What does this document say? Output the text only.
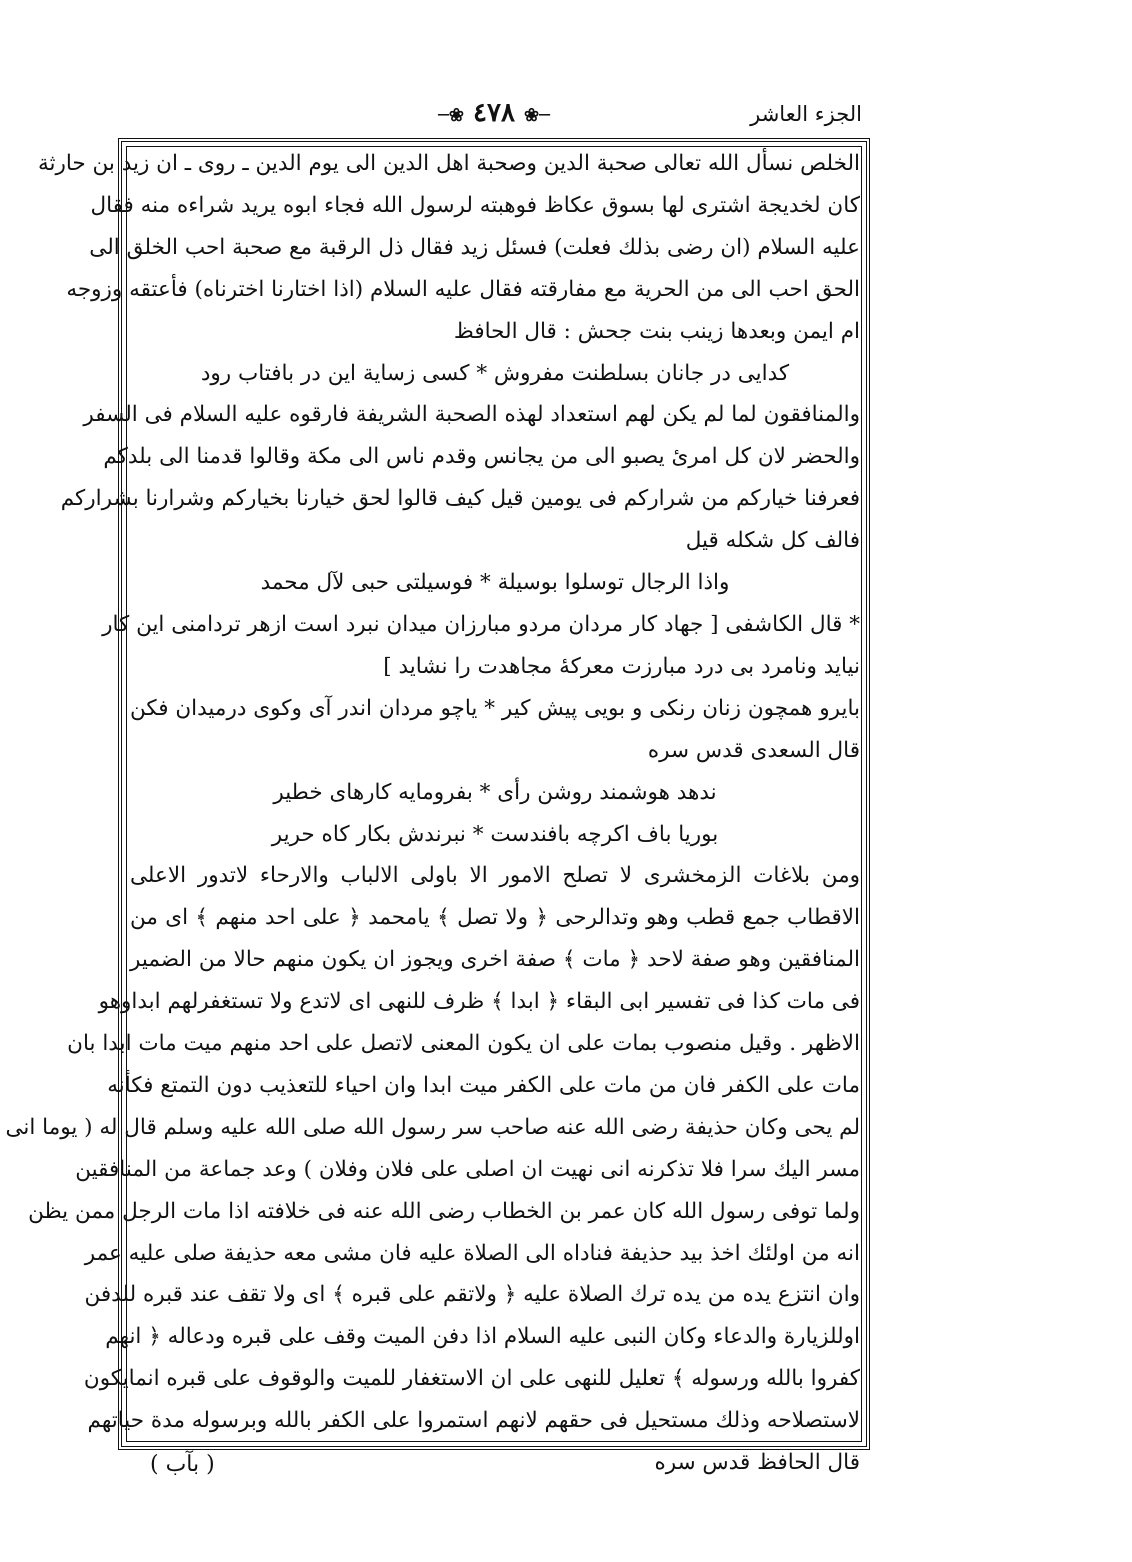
الجزء العاشر
─❀ ٤٧٨ ❀─
الخلص نسأل الله تعالى صحبة الدين وصحبة اهل الدين الى يوم الدين ـ روى ـ ان زيد بن حارثة
كان لخديجة اشترى لها بسوق عكاظ فوهبته لرسول الله فجاء ابوه يريد شراءه منه فقال
عليه السلام (ان رضى بذلك فعلت) فسئل زيد فقال ذل الرقبة مع صحبة احب الخلق الى
الحق احب الى من الحرية مع مفارقته فقال عليه السلام (اذا اختارنا اخترناه) فأعتقه وزوجه
ام ايمن وبعدها زينب بنت جحش : قال الحافظ
كدايى در جانان بسلطنت مفروش * كسى زساية اين در بافتاب رود
والمنافقون لما لم يكن لهم استعداد لهذه الصحبة الشريفة فارقوه عليه السلام فى السفر
والحضر لان كل امرئ يصبو الى من يجانس وقدم ناس الى مكة وقالوا قدمنا الى بلدكم
فعرفنا خياركم من شراركم فى يومين قيل كيف قالوا لحق خيارنا بخياركم وشرارنا بشراركم
فالف كل شكله قيل
واذا الرجال توسلوا بوسيلة * فوسيلتى حبى لآل محمد
* قال الكاشفى [ جهاد كار مردان مردو مبارزان ميدان نبرد است ازهر تردامنى اين كار
نيايد ونامرد بى درد مبارزت معركهٔ مجاهدت را نشايد ]
بايرو همچون زنان رنكى و بويى پيش كير * ياچو مردان اندر آى وكوى درميدان فكن
قال السعدى قدس سره
ندهد هوشمند روشن رأى * بفرومايه كارهاى خطير
بوريا باف اكرچه بافندست * نبرندش بكار كاه حرير
ومن بلاغات الزمخشرى لا تصلح الامور الا باولى الالباب والارحاء لاتدور الاعلى
الاقطاب جمع قطب وهو وتدالرحى ﴿ ولا تصل ﴾ يامحمد ﴿ على احد منهم ﴾ اى من
المنافقين وهو صفة لاحد ﴿ مات ﴾ صفة اخرى ويجوز ان يكون منهم حالا من الضمير
فى مات كذا فى تفسير ابى البقاء ﴿ ابدا ﴾ ظرف للنهى اى لاتدع ولا تستغفرلهم ابداوهو
الاظهر . وقيل منصوب بمات على ان يكون المعنى لاتصل على احد منهم ميت مات ابدا بان
مات على الكفر فان من مات على الكفر ميت ابدا وان احياء للتعذيب دون التمتع فكأنه
لم يحى وكان حذيفة رضى الله عنه صاحب سر رسول الله صلى الله عليه وسلم قال له ( يوما انى
مسر اليك سرا فلا تذكرنه انى نهيت ان اصلى على فلان وفلان ) وعد جماعة من المنافقين
ولما توفى رسول الله كان عمر بن الخطاب رضى الله عنه فى خلافته اذا مات الرجل ممن يظن
انه من اولئك اخذ بيد حذيفة فناداه الى الصلاة عليه فان مشى معه حذيفة صلى عليه عمر
وان انتزع يده من يده ترك الصلاة عليه ﴿ ولاتقم على قبره ﴾ اى ولا تقف عند قبره للدفن
اوللزيارة والدعاء وكان النبى عليه السلام اذا دفن الميت وقف على قبره ودعاله ﴿ انهم
كفروا بالله ورسوله ﴾ تعليل للنهى على ان الاستغفار للميت والوقوف على قبره انمايكون
لاستصلاحه وذلك مستحيل فى حقهم لانهم استمروا على الكفر بالله وبرسوله مدة حياتهم
قال الحافظ قدس سره
( بآب )
